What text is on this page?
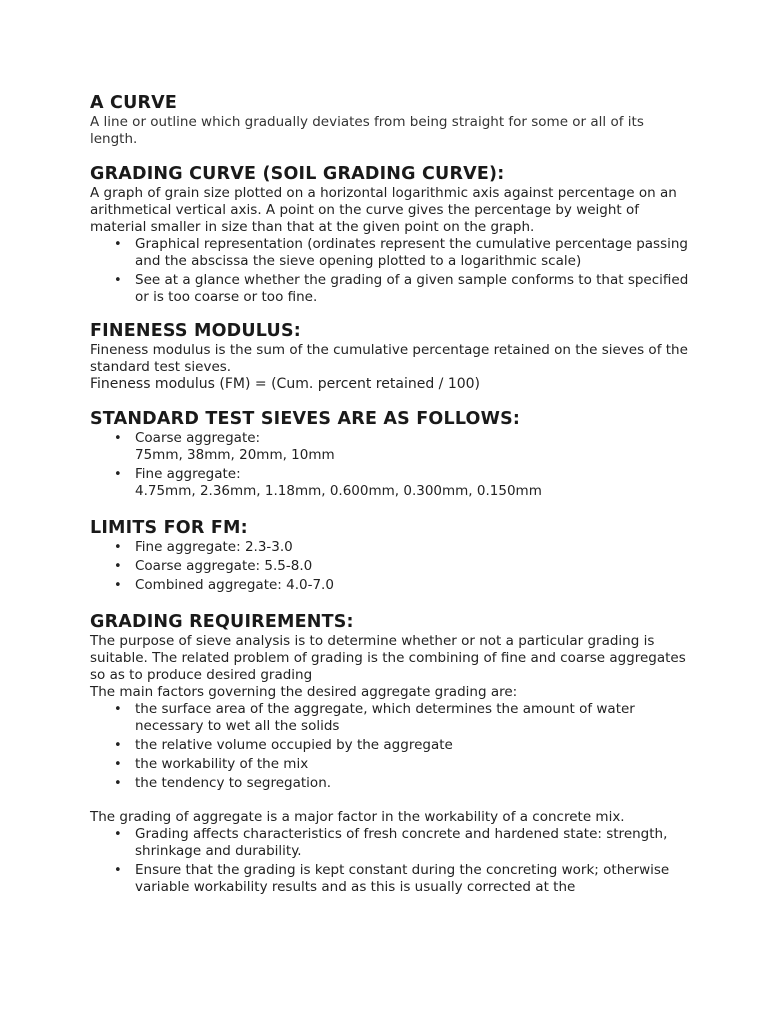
A CURVE

A line or outline which gradually deviates from being straight for some or all of its length.

GRADING CURVE (SOIL GRADING CURVE):

A graph of grain size plotted on a horizontal logarithmic axis against percentage on an arithmetical vertical axis. A point on the curve gives the percentage by weight of material smaller in size than that at the given point on the graph.

• Graphical representation (ordinates represent the cumulative percentage passing and the abscissa the sieve opening plotted to a logarithmic scale)
• See at a glance whether the grading of a given sample conforms to that specified or is too coarse or too fine.
FINENESS MODULUS:

Fineness modulus is the sum of the cumulative percentage retained on the sieves of the standard test sieves.

Fineness modulus (FM) = (Cum. percent retained / 100)

STANDARD TEST SIEVES ARE AS FOLLOWS:
• Coarse aggregate:
75mm, 38mm, 20mm, 10mm
• Fine aggregate:
4.75mm, 2.36mm, 1.18mm, 0.600mm, 0.300mm, 0.150mm
LIMITS FOR FM:
• Fine aggregate: 2.3-3.0
• Coarse aggregate: 5.5-8.0
• Combined aggregate: 4.0-7.0
GRADING REQUIREMENTS:

The purpose of sieve analysis is to determine whether or not a particular grading is suitable. The related problem of grading is the combining of fine and coarse aggregates so as to produce desired grading

The main factors governing the desired aggregate grading are:

• the surface area of the aggregate, which determines the amount of water necessary to wet all the solids
• the relative volume occupied by the aggregate
• the workability of the mix
• the tendency to segregation.

The grading of aggregate is a major factor in the workability of a concrete mix.

• Grading affects characteristics of fresh concrete and hardened state: strength, shrinkage and durability.
• Ensure that the grading is kept constant during the concreting work; otherwise variable workability results and as this is usually corrected at the
